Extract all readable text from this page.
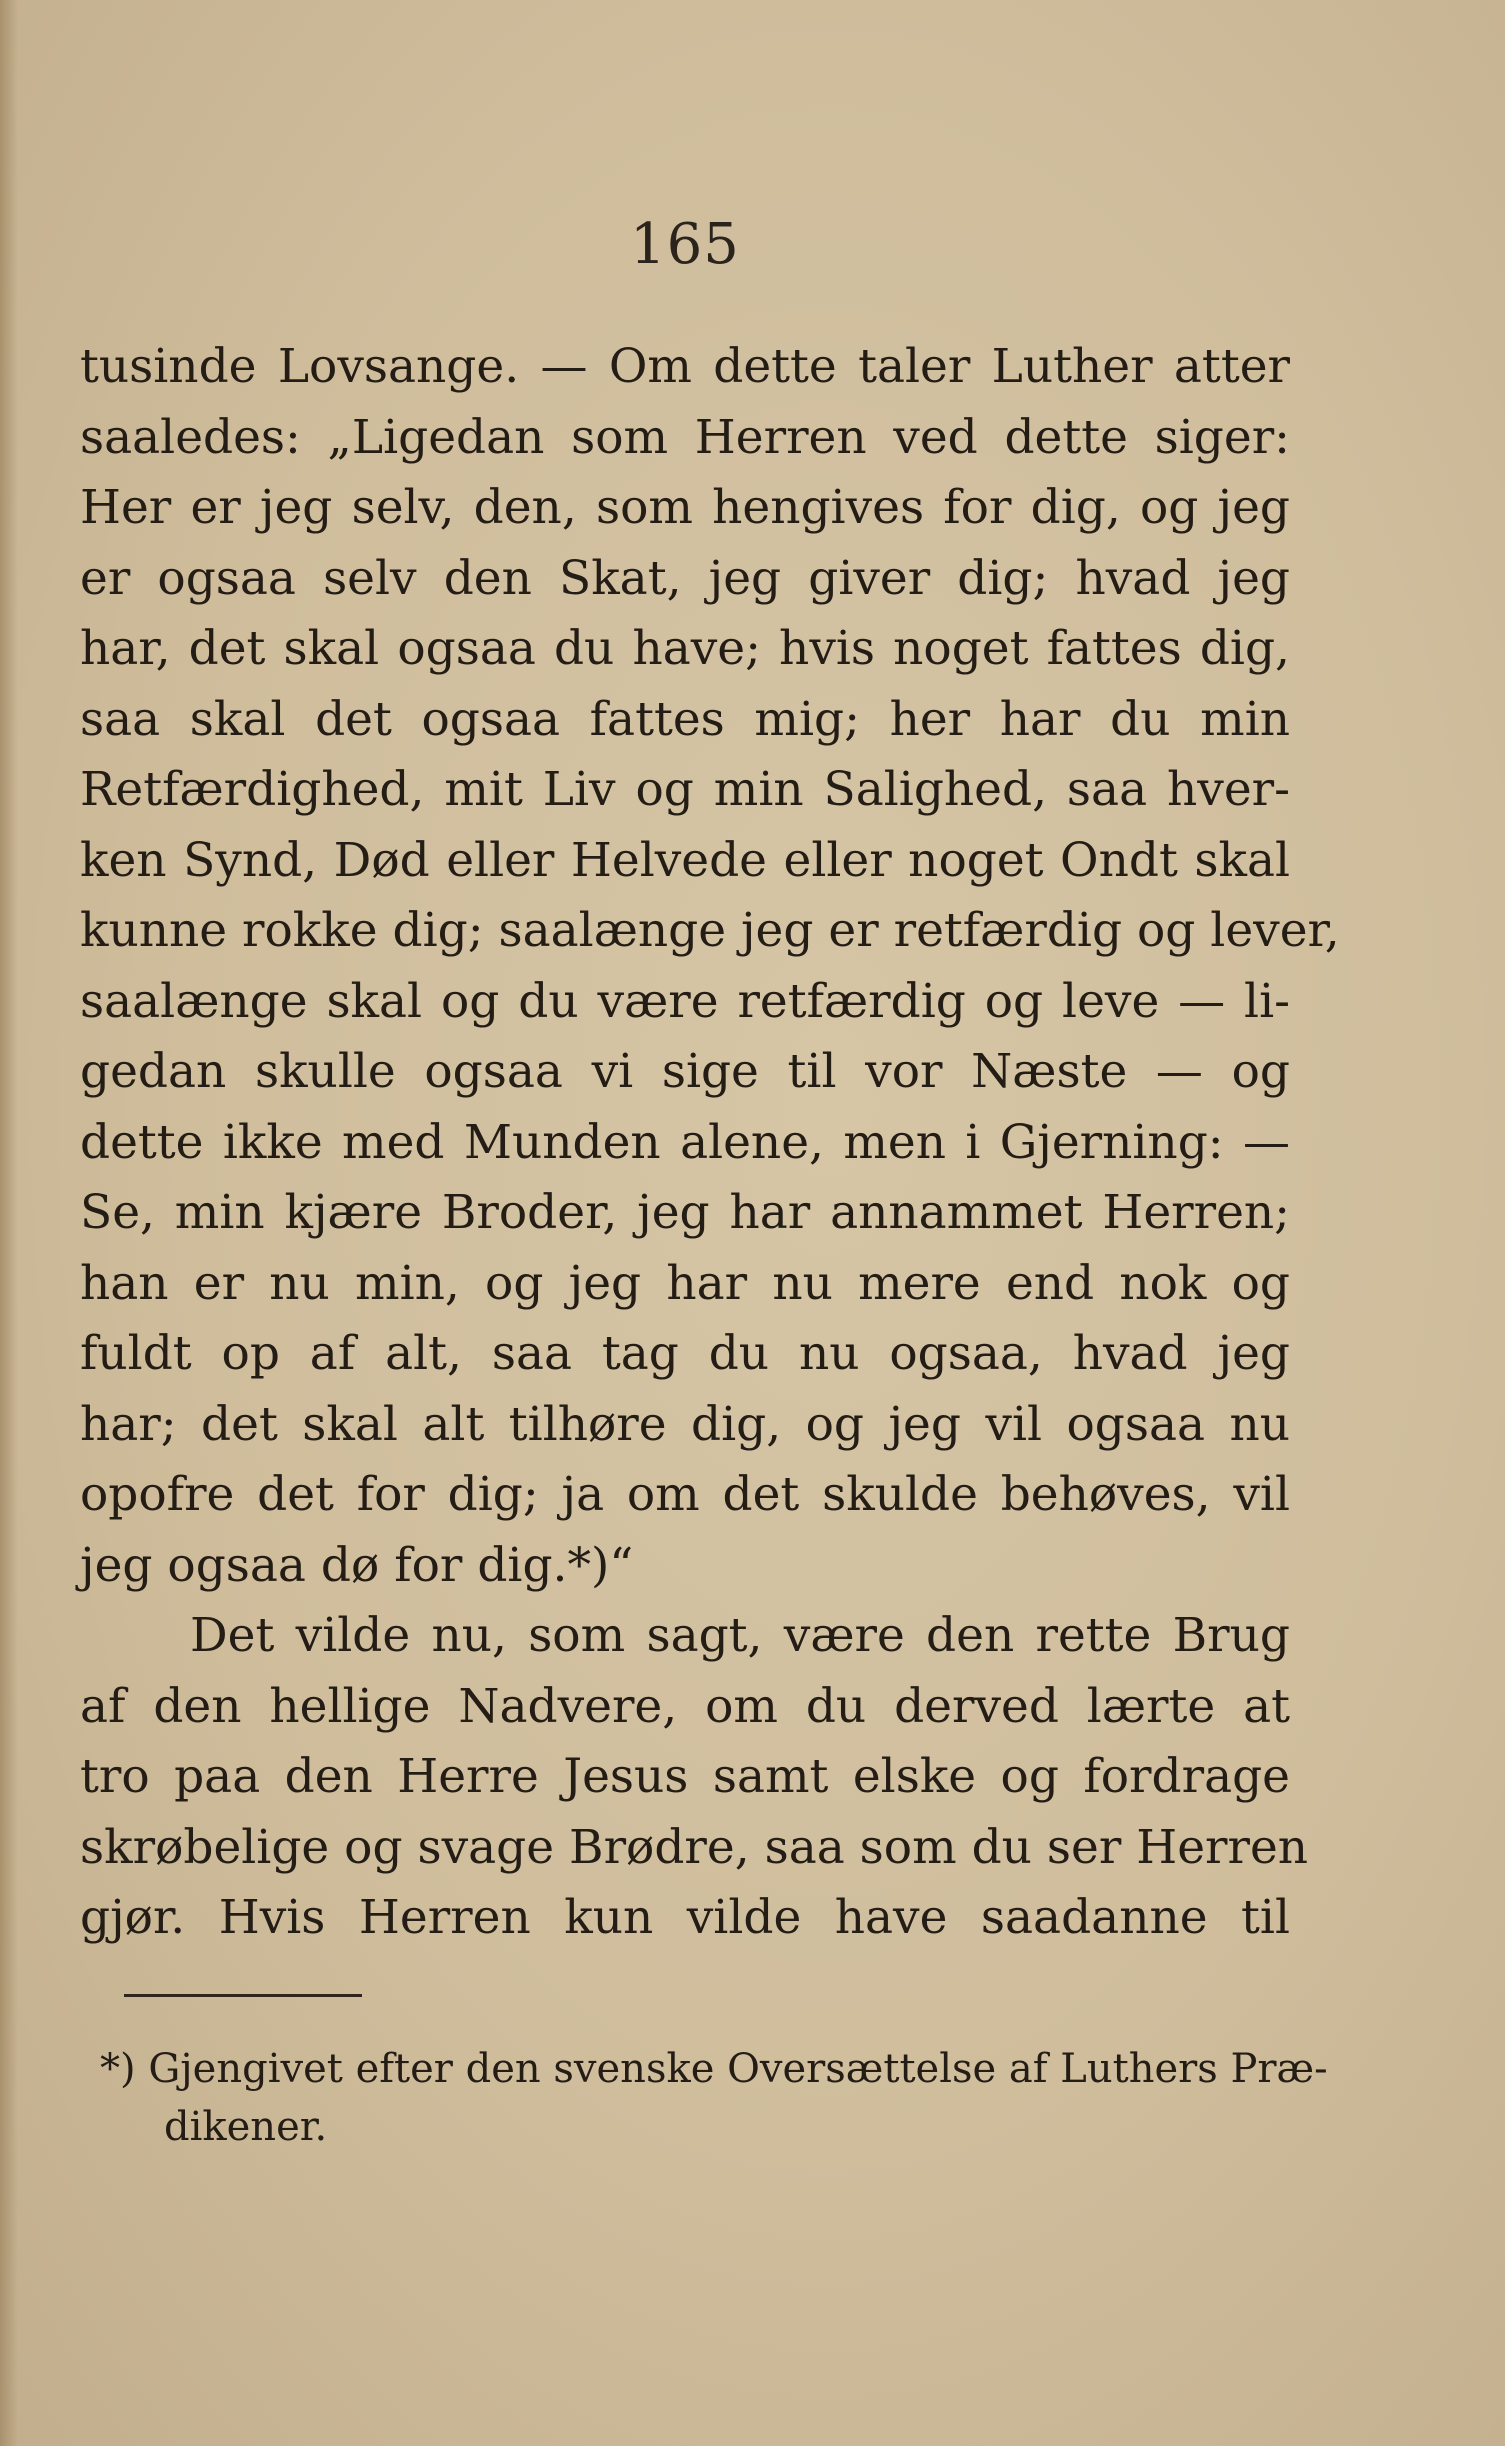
165
tusinde Lovsange. — Om dette taler Luther atter
saaledes: „Ligedan som Herren ved dette siger:
Her er jeg selv, den, som hengives for dig, og jeg
er ogsaa selv den Skat, jeg giver dig; hvad jeg
har, det skal ogsaa du have; hvis noget fattes dig,
saa skal det ogsaa fattes mig; her har du min
Retfærdighed, mit Liv og min Salighed, saa hver-
ken Synd, Død eller Helvede eller noget Ondt skal
kunne rokke dig; saalænge jeg er retfærdig og lever,
saalænge skal og du være retfærdig og leve — li-
gedan skulle ogsaa vi sige til vor Næste — og
dette ikke med Munden alene, men i Gjerning: —
Se, min kjære Broder, jeg har annammet Herren;
han er nu min, og jeg har nu mere end nok og
fuldt op af alt, saa tag du nu ogsaa, hvad jeg
har; det skal alt tilhøre dig, og jeg vil ogsaa nu
opofre det for dig; ja om det skulde behøves, vil
jeg ogsaa dø for dig.*)“
Det vilde nu, som sagt, være den rette Brug
af den hellige Nadvere, om du derved lærte at
tro paa den Herre Jesus samt elske og fordrage
skrøbelige og svage Brødre, saa som du ser Herren
gjør. Hvis Herren kun vilde have saadanne til
*) Gjengivet efter den svenske Oversættelse af Luthers Præ-
dikener.
